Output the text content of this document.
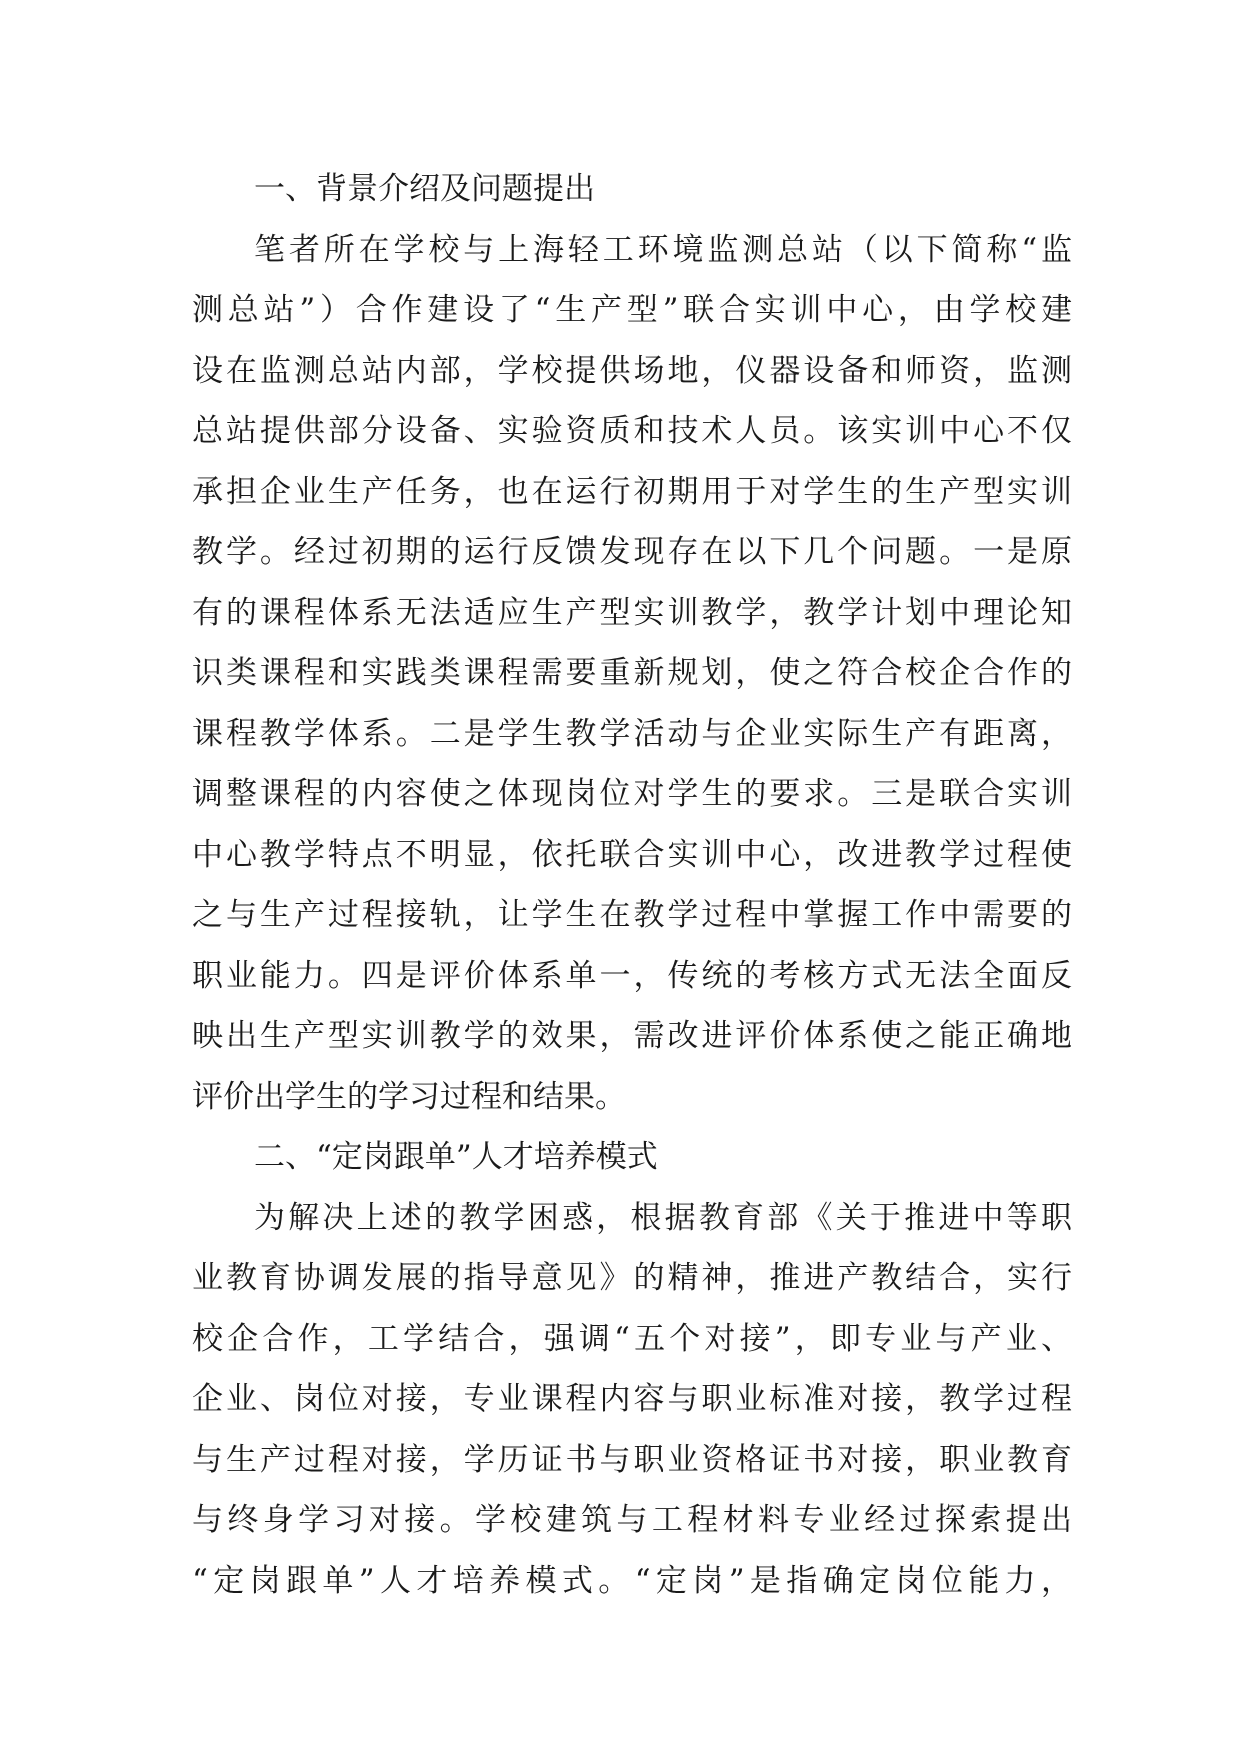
一、背景介绍及问题提出
笔者所在学校与上海轻工环境监测总站（以下简称“监
测总站”）合作建设了“生产型”联合实训中心，由学校建
设在监测总站内部，学校提供场地，仪器设备和师资，监测
总站提供部分设备、实验资质和技术人员。该实训中心不仅
承担企业生产任务，也在运行初期用于对学生的生产型实训
教学。经过初期的运行反馈发现存在以下几个问题。一是原
有的课程体系无法适应生产型实训教学，教学计划中理论知
识类课程和实践类课程需要重新规划，使之符合校企合作的
课程教学体系。二是学生教学活动与企业实际生产有距离，
调整课程的内容使之体现岗位对学生的要求。三是联合实训
中心教学特点不明显，依托联合实训中心，改进教学过程使
之与生产过程接轨，让学生在教学过程中掌握工作中需要的
职业能力。四是评价体系单一，传统的考核方式无法全面反
映出生产型实训教学的效果，需改进评价体系使之能正确地
评价出学生的学习过程和结果。
二、“定岗跟单”人才培养模式
为解决上述的教学困惑，根据教育部《关于推进中等职
业教育协调发展的指导意见》的精神，推进产教结合，实行
校企合作，工学结合，强调“五个对接”，即专业与产业、
企业、岗位对接，专业课程内容与职业标准对接，教学过程
与生产过程对接，学历证书与职业资格证书对接，职业教育
与终身学习对接。学校建筑与工程材料专业经过探索提出
“定岗跟单”人才培养模式。“定岗”是指确定岗位能力，
